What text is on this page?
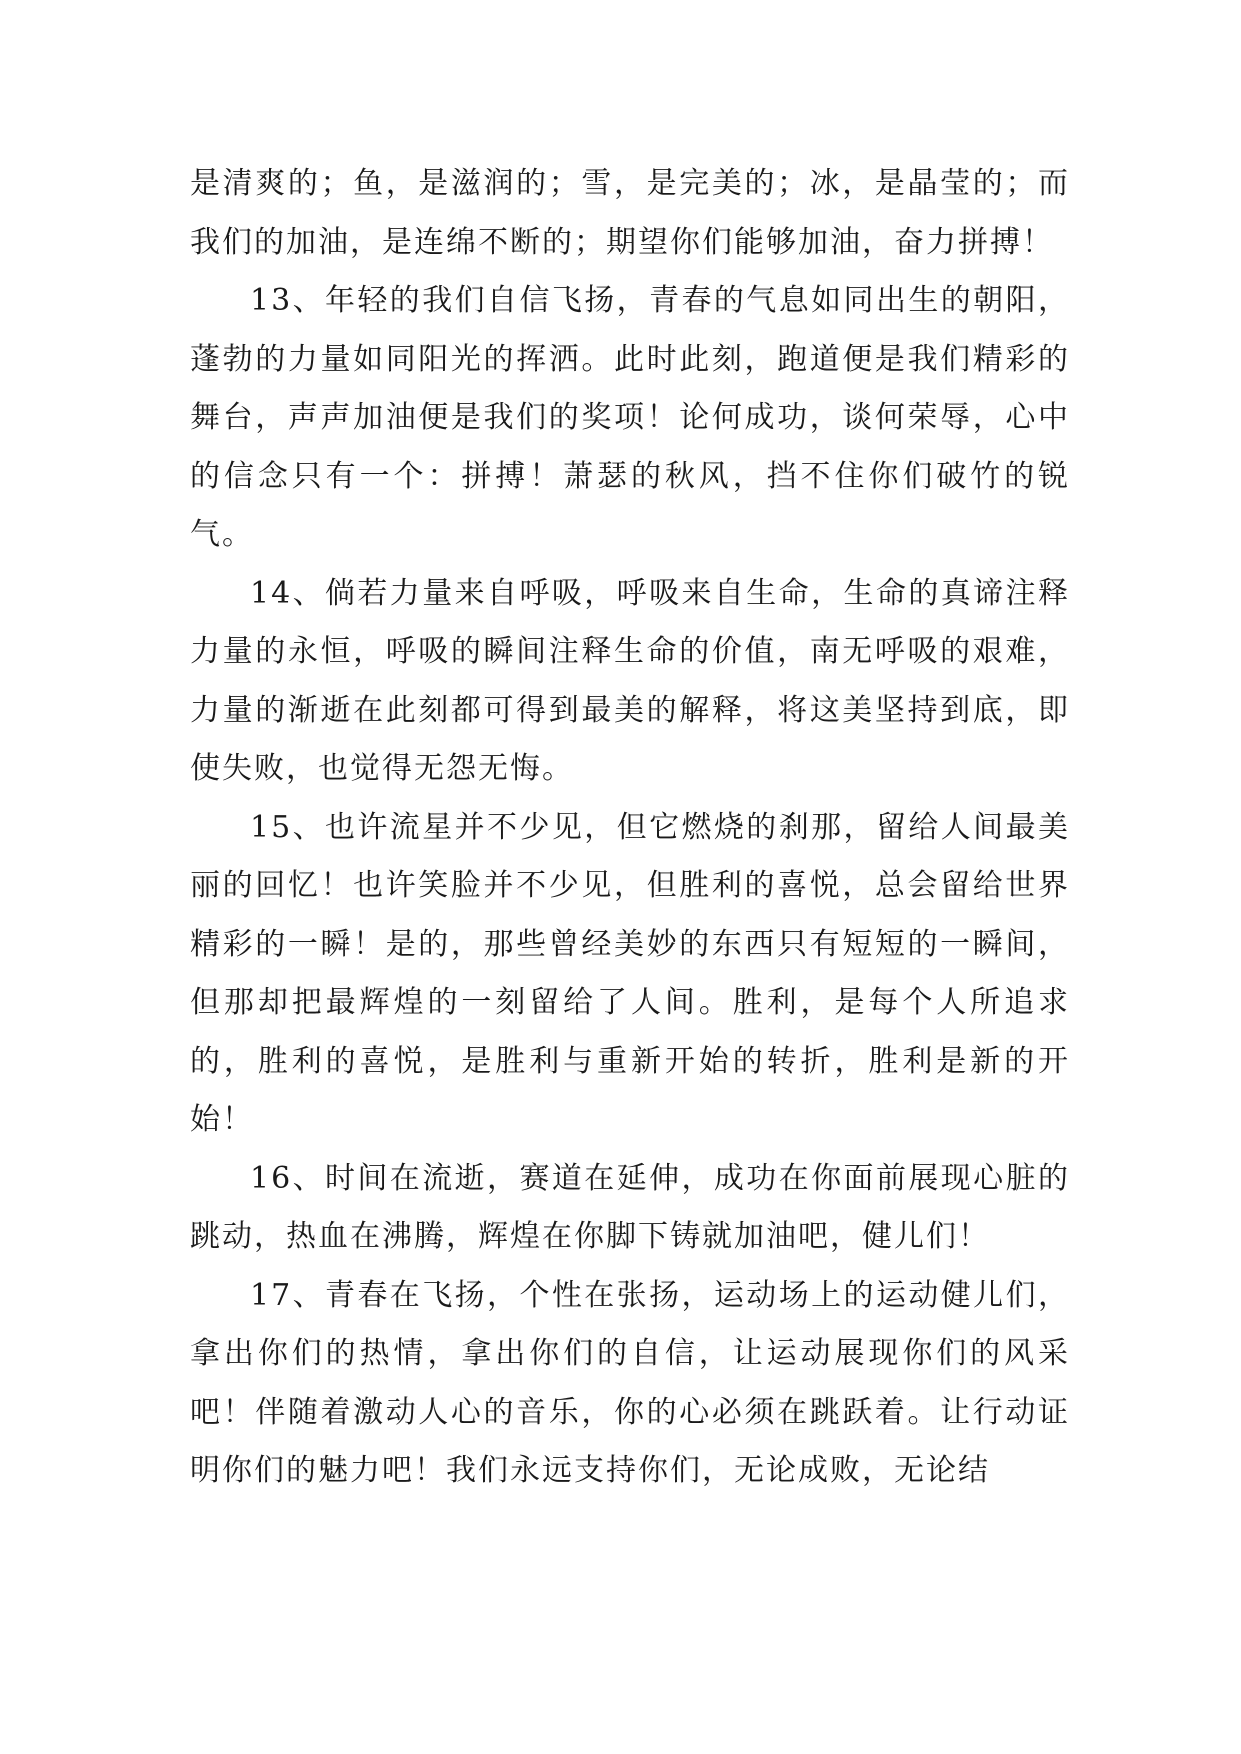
是清爽的；鱼，是滋润的；雪，是完美的；冰，是晶莹的；而我们的加油，是连绵不断的；期望你们能够加油，奋力拼搏！

13、年轻的我们自信飞扬，青春的气息如同出生的朝阳，蓬勃的力量如同阳光的挥洒。此时此刻，跑道便是我们精彩的舞台，声声加油便是我们的奖项！论何成功，谈何荣辱，心中的信念只有一个：拼搏！萧瑟的秋风，挡不住你们破竹的锐气。

14、倘若力量来自呼吸，呼吸来自生命，生命的真谛注释力量的永恒，呼吸的瞬间注释生命的价值，南无呼吸的艰难，力量的渐逝在此刻都可得到最美的解释，将这美坚持到底，即使失败，也觉得无怨无悔。

15、也许流星并不少见，但它燃烧的刹那，留给人间最美丽的回忆！也许笑脸并不少见，但胜利的喜悦，总会留给世界精彩的一瞬！是的，那些曾经美妙的东西只有短短的一瞬间，但那却把最辉煌的一刻留给了人间。胜利，是每个人所追求的，胜利的喜悦，是胜利与重新开始的转折，胜利是新的开始！

16、时间在流逝，赛道在延伸，成功在你面前展现心脏的跳动，热血在沸腾，辉煌在你脚下铸就加油吧，健儿们！

17、青春在飞扬，个性在张扬，运动场上的运动健儿们，拿出你们的热情，拿出你们的自信，让运动展现你们的风采吧！伴随着激动人心的音乐，你的心必须在跳跃着。让行动证明你们的魅力吧！我们永远支持你们，无论成败，无论结
